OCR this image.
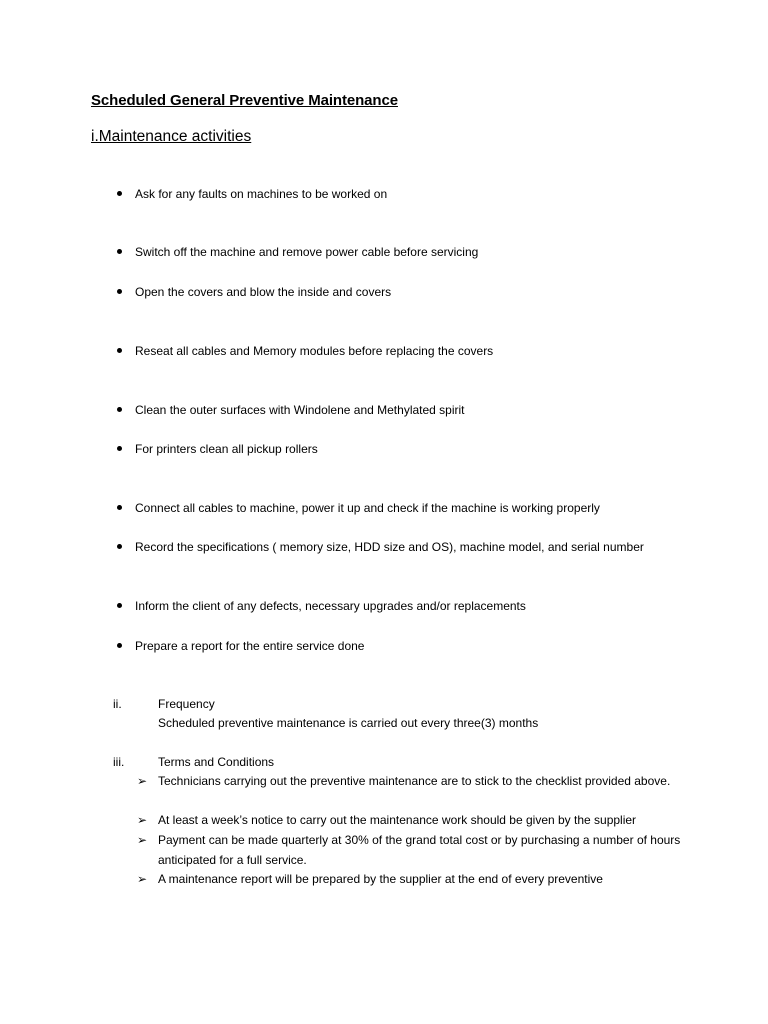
Scheduled General Preventive Maintenance
i.Maintenance activities
Ask for any faults on machines to be worked on
Switch off the machine and remove power cable before servicing
Open the covers and blow the inside and covers
Reseat all cables and Memory modules before replacing the covers
Clean the outer surfaces with Windolene and Methylated spirit
For printers clean all pickup rollers
Connect all cables to machine, power it up and check if the machine is working properly
Record the specifications ( memory size, HDD size and OS), machine model, and serial number
Inform the client of any defects, necessary upgrades and/or replacements
Prepare a report for the entire service done
ii.	Frequency
Scheduled preventive maintenance is carried out every three(3) months
iii.	Terms and Conditions
➢ Technicians carrying out the preventive maintenance are to stick to the checklist provided above.
➢ At least a week’s notice to carry out the maintenance work should be given by the supplier
➢ Payment can be made quarterly at 30% of the grand total cost or by purchasing a number of hours anticipated for a full service.
➢ A maintenance report will be prepared by the supplier at the end of every preventive
